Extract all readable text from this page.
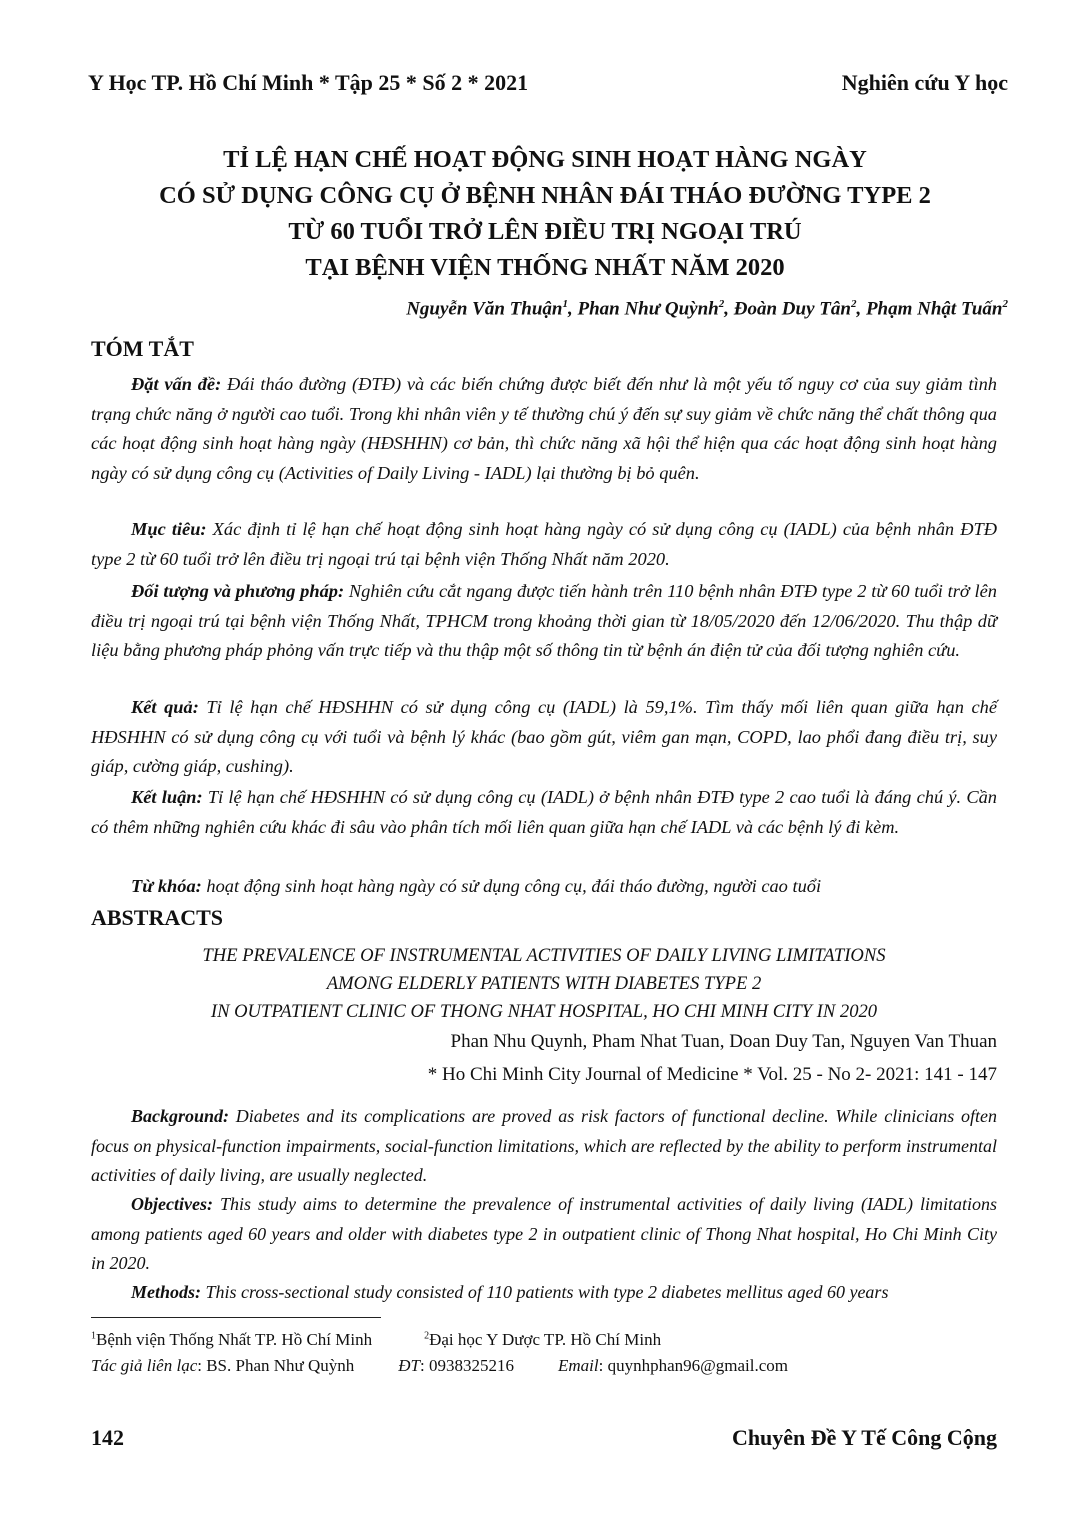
Y Học TP. Hồ Chí Minh * Tập 25 * Số 2 * 2021	Nghiên cứu Y học
TỈ LỆ HẠN CHẾ HOẠT ĐỘNG SINH HOẠT HÀNG NGÀY
CÓ SỬ DỤNG CÔNG CỤ Ở BỆNH NHÂN ĐÁI THÁO ĐƯỜNG TYPE 2
TỪ 60 TUỔI TRỞ LÊN ĐIỀU TRỊ NGOẠI TRÚ
TẠI BỆNH VIỆN THỐNG NHẤT NĂM 2020
Nguyễn Văn Thuận$^1$, Phan Như Quỳnh$^2$, Đoàn Duy Tân$^2$, Phạm Nhật Tuấn$^2$
TÓM TẮT

Đặt vấn đề: Đái tháo đường (ĐTĐ) và các biến chứng được biết đến như là một yếu tố nguy cơ của suy giảm tình trạng chức năng ở người cao tuổi. Trong khi nhân viên y tế thường chú ý đến sự suy giảm về chức năng thể chất thông qua các hoạt động sinh hoạt hàng ngày (HĐSHHN) cơ bản, thì chức năng xã hội thể hiện qua các hoạt động sinh hoạt hàng ngày có sử dụng công cụ (Activities of Daily Living - IADL) lại thường bị bỏ quên.

Mục tiêu: Xác định tỉ lệ hạn chế hoạt động sinh hoạt hàng ngày có sử dụng công cụ (IADL) của bệnh nhân ĐTĐ type 2 từ 60 tuổi trở lên điều trị ngoại trú tại bệnh viện Thống Nhất năm 2020.

Đối tượng và phương pháp: Nghiên cứu cắt ngang được tiến hành trên 110 bệnh nhân ĐTĐ type 2 từ 60 tuổi trở lên điều trị ngoại trú tại bệnh viện Thống Nhất, TPHCM trong khoảng thời gian từ 18/05/2020 đến 12/06/2020. Thu thập dữ liệu bằng phương pháp phỏng vấn trực tiếp và thu thập một số thông tin từ bệnh án điện tử của đối tượng nghiên cứu.

Kết quả: Tỉ lệ hạn chế HĐSHHN có sử dụng công cụ (IADL) là 59,1%. Tìm thấy mối liên quan giữa hạn chế HĐSHHN có sử dụng công cụ với tuổi và bệnh lý khác (bao gồm gút, viêm gan mạn, COPD, lao phổi đang điều trị, suy giáp, cường giáp, cushing).

Kết luận: Tỉ lệ hạn chế HĐSHHN có sử dụng công cụ (IADL) ở bệnh nhân ĐTĐ type 2 cao tuổi là đáng chú ý. Cần có thêm những nghiên cứu khác đi sâu vào phân tích mối liên quan giữa hạn chế IADL và các bệnh lý đi kèm.

Từ khóa: hoạt động sinh hoạt hàng ngày có sử dụng công cụ, đái tháo đường, người cao tuổi

ABSTRACTS
THE PREVALENCE OF INSTRUMENTAL ACTIVITIES OF DAILY LIVING LIMITATIONS
AMONG ELDERLY PATIENTS WITH DIABETES TYPE 2
IN OUTPATIENT CLINIC OF THONG NHAT HOSPITAL, HO CHI MINH CITY IN 2020
Phan Nhu Quynh, Pham Nhat Tuan, Doan Duy Tan, Nguyen Van Thuan
* Ho Chi Minh City Journal of Medicine * Vol. 25 - No 2- 2021: 141 - 147

Background: Diabetes and its complications are proved as risk factors of functional decline. While clinicians often focus on physical-function impairments, social-function limitations, which are reflected by the ability to perform instrumental activities of daily living, are usually neglected.

Objectives: This study aims to determine the prevalence of instrumental activities of daily living (IADL) limitations among patients aged 60 years and older with diabetes type 2 in outpatient clinic of Thong Nhat hospital, Ho Chi Minh City in 2020.

Methods: This cross-sectional study consisted of 110 patients with type 2 diabetes mellitus aged 60 years

$^1$Bệnh viện Thống Nhất TP. Hồ Chí Minh	$^2$Đại học Y Dược TP. Hồ Chí Minh
Tác giả liên lạc: BS. Phan Như Quỳnh	ĐT: 0938325216	Email: quynhphan96@gmail.com
142	Chuyên Đề Y Tế Công Cộng
